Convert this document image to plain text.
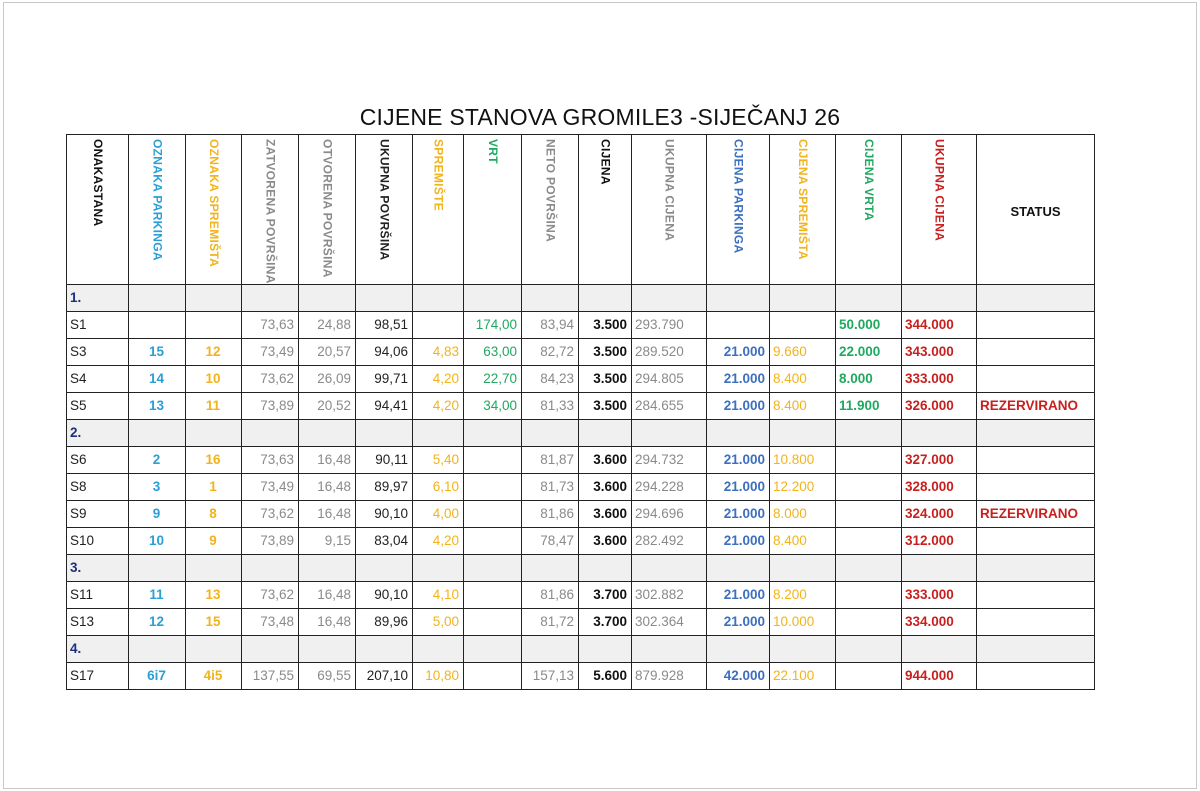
CIJENE STANOVA GROMILE3 -SIJEČANJ 26
ONAKASTANA	OZNAKA PARKINGA	OZNAKA SPREMIŠTA	ZATVORENA POVRŠINA	OTVORENA POVRŠINA	UKUPNA POVRŠINA	SPREMIŠTE	VRT	NETO POVRŠINA	CIJENA	UKUPNA CIJENA	CIJENA PARKINGA	CIJENA SPREMIŠTA	CIJENA VRTA	UKUPNA CIJENA	STATUS
1.															
S1			73,63	24,88	98,51		174,00	83,94	3.500	293.790			50.000	344.000	
S3	15	12	73,49	20,57	94,06	4,83	63,00	82,72	3.500	289.520	21.000	9.660	22.000	343.000	
S4	14	10	73,62	26,09	99,71	4,20	22,70	84,23	3.500	294.805	21.000	8.400	8.000	333.000	
S5	13	11	73,89	20,52	94,41	4,20	34,00	81,33	3.500	284.655	21.000	8.400	11.900	326.000	REZERVIRANO
2.															
S6	2	16	73,63	16,48	90,11	5,40		81,87	3.600	294.732	21.000	10.800		327.000	
S8	3	1	73,49	16,48	89,97	6,10		81,73	3.600	294.228	21.000	12.200		328.000	
S9	9	8	73,62	16,48	90,10	4,00		81,86	3.600	294.696	21.000	8.000		324.000	REZERVIRANO
S10	10	9	73,89	9,15	83,04	4,20		78,47	3.600	282.492	21.000	8.400		312.000	
3.															
S11	11	13	73,62	16,48	90,10	4,10		81,86	3.700	302.882	21.000	8.200		333.000	
S13	12	15	73,48	16,48	89,96	5,00		81,72	3.700	302.364	21.000	10.000		334.000	
4.															
S17	6i7	4i5	137,55	69,55	207,10	10,80		157,13	5.600	879.928	42.000	22.100		944.000	
